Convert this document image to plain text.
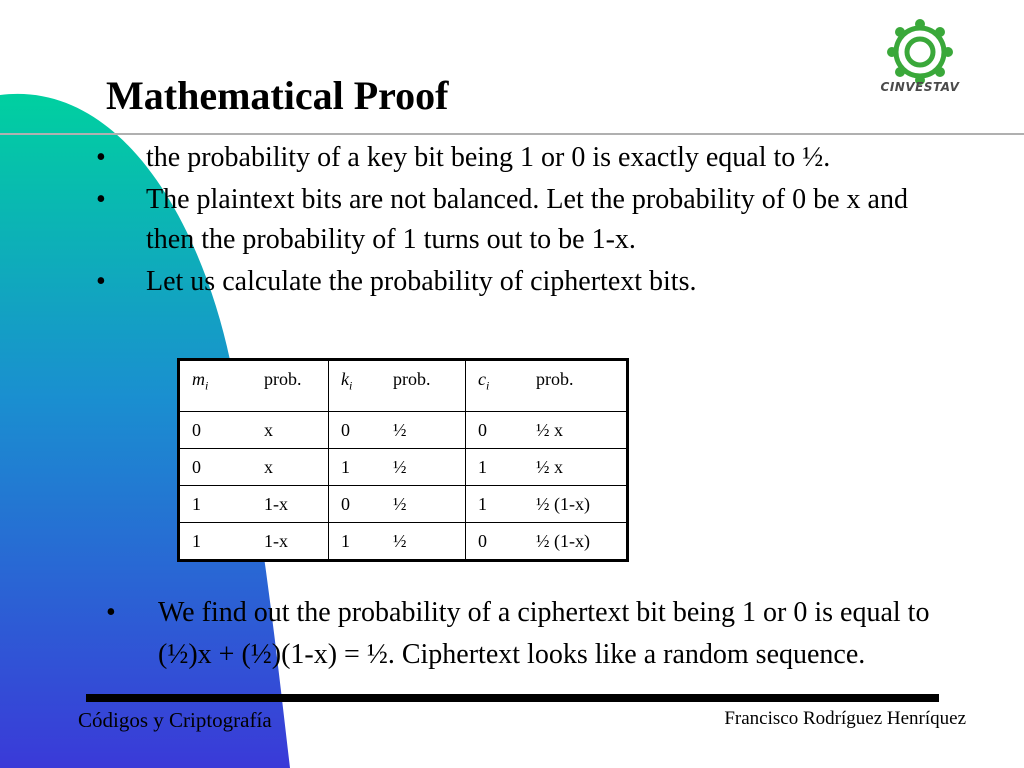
Mathematical Proof	CINVESTAV
• the probability of a key bit being 1 or 0 is exactly equal to ½.
• The plaintext bits are not balanced. Let the probability of 0 be x and then the probability of 1 turns out to be 1-x.
• Let us calculate the probability of ciphertext bits.
$m_i$ prob.	$k_i$ prob.	$c_i$ prob.

0 x	0 ½	0 ½ x

0 x	1 ½	1 ½ x

1 1-x	0 ½	1 ½ (1-x)

1 1-x	1 ½	0 ½ (1-x)
• We find out the probability of a ciphertext bit being 1 or 0 is equal to (½)x + (½)(1-x) = ½. Ciphertext looks like a random sequence.
Códigos y Criptografía	Francisco Rodríguez Henríquez
